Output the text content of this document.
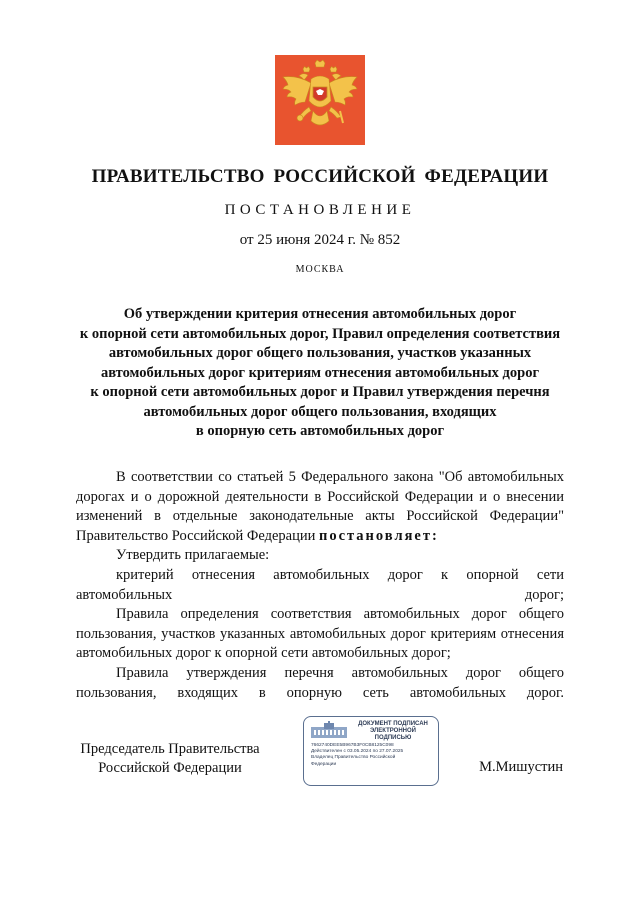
ПРАВИТЕЛЬСТВО РОССИЙСКОЙ ФЕДЕРАЦИИ
ПОСТАНОВЛЕНИЕ
от 25 июня 2024 г. № 852
МОСКВА
Об утверждении критерия отнесения автомобильных дорог
к опорной сети автомобильных дорог, Правил определения соответствия
автомобильных дорог общего пользования, участков указанных
автомобильных дорог критериям отнесения автомобильных дорог
к опорной сети автомобильных дорог и Правил утверждения перечня
автомобильных дорог общего пользования, входящих
в опорную сеть автомобильных дорог

В соответствии со статьей 5 Федерального закона "Об автомобильных дорогах и о дорожной деятельности в Российской Федерации и о внесении изменений в отдельные законодательные акты Российской Федерации" Правительство Российской Федерации постановляет:

Утвердить прилагаемые:

критерий отнесения автомобильных дорог к опорной сети автомобильных дорог;

Правила определения соответствия автомобильных дорог общего пользования, участков указанных автомобильных дорог критериям отнесения автомобильных дорог к опорной сети автомобильных дорог;

Правила утверждения перечня автомобильных дорог общего пользования, входящих в опорную сеть автомобильных дорог.

Председатель Правительства
Российской Федерации
ДОКУМЕНТ ПОДПИСАН
ЭЛЕКТРОННОЙ ПОДПИСЬЮ
7662740DEE5B967B3F0CB8125C098
Действителен с 03.05.2024 по 27.07.2025
Владелец Правительство Российской
Федерации	М.Мишустин
